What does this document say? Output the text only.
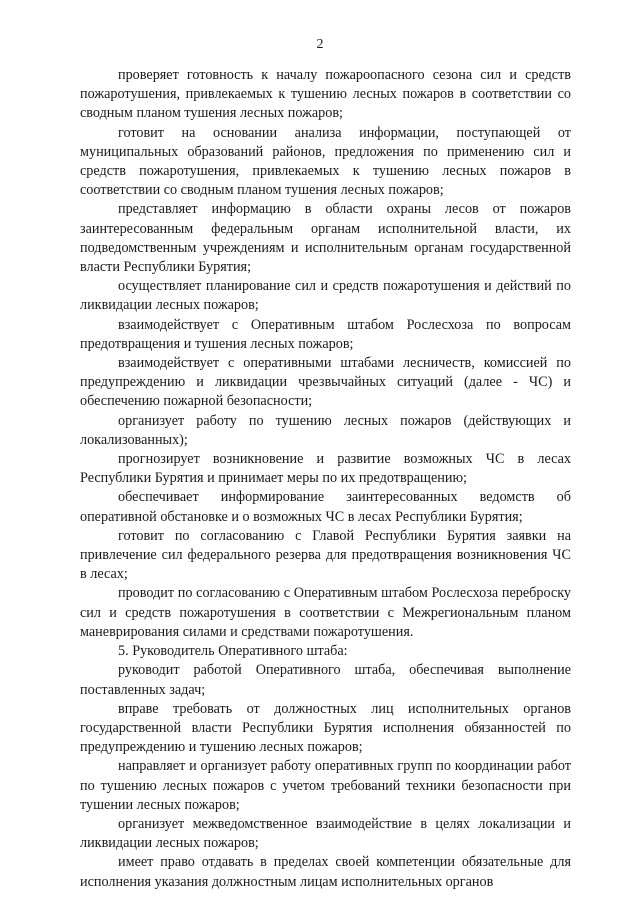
2

проверяет готовность к началу пожароопасного сезона сил и средств пожаротушения, привлекаемых к тушению лесных пожаров в соответствии со сводным планом тушения лесных пожаров;

готовит на основании анализа информации, поступающей от муниципальных образований районов, предложения по применению сил и средств пожаротушения, привлекаемых к тушению лесных пожаров в соответствии со сводным планом тушения лесных пожаров;

представляет информацию в области охраны лесов от пожаров заинтересованным федеральным органам исполнительной власти, их подведомственным учреждениям и исполнительным органам государственной власти Республики Бурятия;

осуществляет планирование сил и средств пожаротушения и действий по ликвидации лесных пожаров;

взаимодействует с Оперативным штабом Рослесхоза по вопросам предотвращения и тушения лесных пожаров;

взаимодействует с оперативными штабами лесничеств, комиссией по предупреждению и ликвидации чрезвычайных ситуаций (далее - ЧС) и обеспечению пожарной безопасности;

организует работу по тушению лесных пожаров (действующих и локализованных);

прогнозирует возникновение и развитие возможных ЧС в лесах Республики Бурятия и принимает меры по их предотвращению;

обеспечивает информирование заинтересованных ведомств об оперативной обстановке и о возможных ЧС в лесах Республики Бурятия;

готовит по согласованию с Главой Республики Бурятия заявки на привлечение сил федерального резерва для предотвращения возникновения ЧС в лесах;

проводит по согласованию с Оперативным штабом Рослесхоза переброску сил и средств пожаротушения в соответствии с Межрегиональным планом маневрирования силами и средствами пожаротушения.

5. Руководитель Оперативного штаба:

руководит работой Оперативного штаба, обеспечивая выполнение поставленных задач;

вправе требовать от должностных лиц исполнительных органов государственной власти Республики Бурятия исполнения обязанностей по предупреждению и тушению лесных пожаров;

направляет и организует работу оперативных групп по координации работ по тушению лесных пожаров с учетом требований техники безопасности при тушении лесных пожаров;

организует межведомственное взаимодействие в целях локализации и ликвидации лесных пожаров;

имеет право отдавать в пределах своей компетенции обязательные для исполнения указания должностным лицам исполнительных органов
